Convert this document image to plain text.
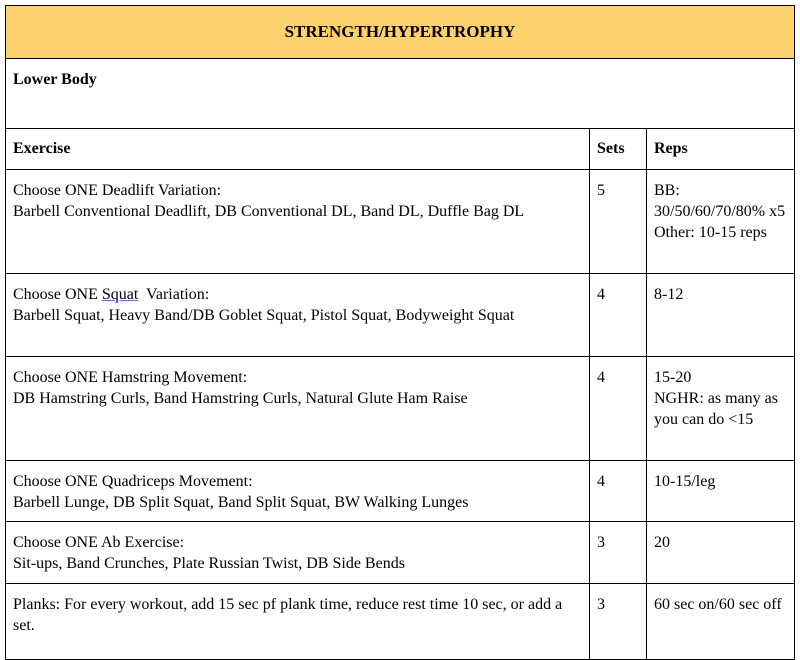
STRENGTH/HYPERTROPHY		
Lower Body		
Exercise	Sets	Reps

Choose ONE Deadlift Variation:
Barbell Conventional Deadlift, DB Conventional DL, Band DL, Duffle Bag DL	5	BB: 30/50/60/70/80% x5
Other: 10-15 reps

Choose ONE Squat  Variation:
Barbell Squat, Heavy Band/DB Goblet Squat, Pistol Squat, Bodyweight Squat	4	8-12

Choose ONE Hamstring Movement:
DB Hamstring Curls, Band Hamstring Curls, Natural Glute Ham Raise	4	15-20
NGHR: as many as you can do <15

Choose ONE Quadriceps Movement:
Barbell Lunge, DB Split Squat, Band Split Squat, BW Walking Lunges	4	10-15/leg

Choose ONE Ab Exercise:
Sit-ups, Band Crunches, Plate Russian Twist, DB Side Bends	3	20

Planks: For every workout, add 15 sec pf plank time, reduce rest time 10 sec, or add a set.	3	60 sec on/60 sec off
